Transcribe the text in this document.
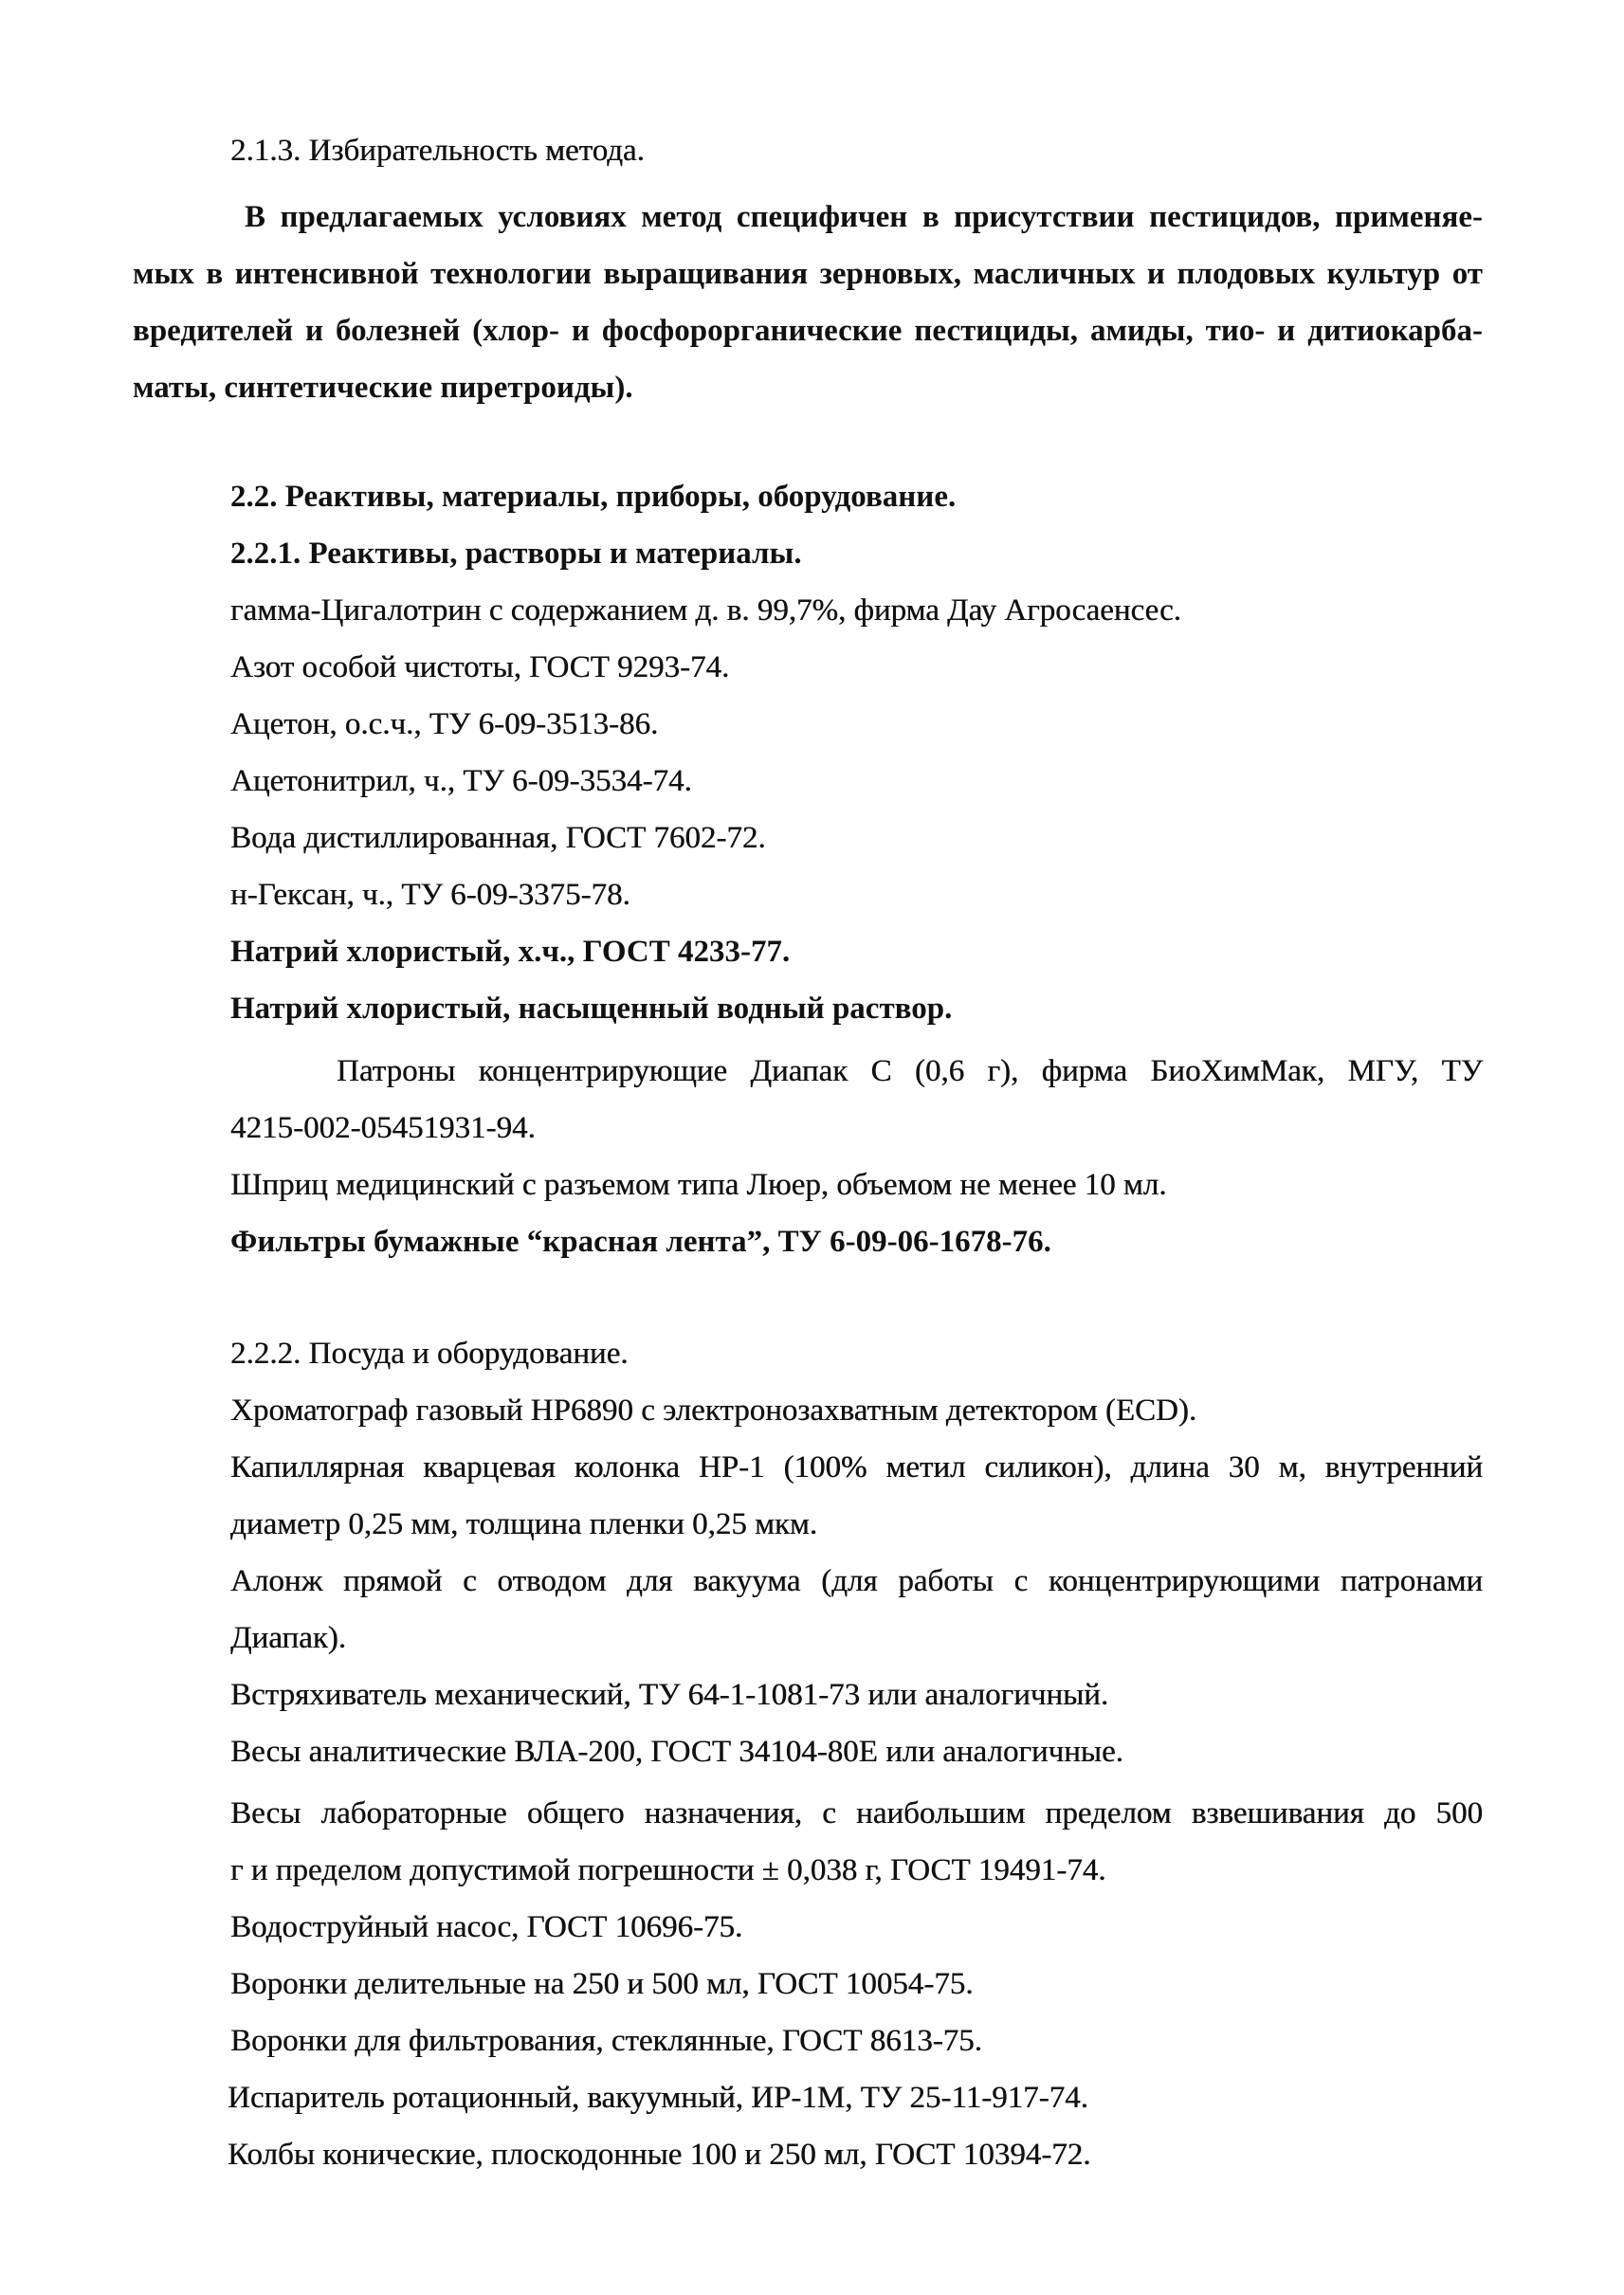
2.1.3. Избирательность метода.

В предлагаемых условиях метод специфичен в присутствии пестицидов, применяе-

мых в интенсивной технологии выращивания зерновых, масличных и плодовых культур от

вредителей и болезней (хлор- и фосфорорганические пестициды, амиды, тио- и дитиокарба-

маты, синтетические пиретроиды).

2.2. Реактивы, материалы, приборы, оборудование.

2.2.1. Реактивы, растворы и материалы.

гамма-Цигалотрин с содержанием д. в. 99,7%, фирма Дау Агросаенсес.

Азот особой чистоты, ГОСТ 9293-74.

Ацетон, о.с.ч., ТУ 6-09-3513-86.

Ацетонитрил, ч., ТУ 6-09-3534-74.

Вода дистиллированная, ГОСТ 7602-72.

н-Гексан, ч., ТУ 6-09-3375-78.

Натрий хлористый, х.ч., ГОСТ 4233-77.

Натрий хлористый, насыщенный водный раствор.

Патроны концентрирующие Диапак С (0,6 г), фирма БиоХимМак, МГУ, ТУ

4215-002-05451931-94.

Шприц медицинский с разъемом типа Люер, объемом не менее 10 мл.

Фильтры бумажные “красная лента”, ТУ 6-09-06-1678-76.

2.2.2. Посуда и оборудование.

Хроматограф газовый HP6890 с электронозахватным детектором (ECD).

Капиллярная кварцевая колонка HP-1 (100% метил силикон), длина 30 м, внутренний

диаметр 0,25 мм, толщина пленки 0,25 мкм.

Алонж прямой с отводом для вакуума (для работы с концентрирующими патронами

Диапак).

Встряхиватель механический, ТУ 64-1-1081-73 или аналогичный.

Весы аналитические ВЛА-200, ГОСТ 34104-80Е или аналогичные.

Весы лабораторные общего назначения, с наибольшим пределом взвешивания до 500

г и пределом допустимой погрешности ± 0,038 г, ГОСТ 19491-74.

Водоструйный насос, ГОСТ 10696-75.

Воронки делительные на 250 и 500 мл, ГОСТ 10054-75.

Воронки для фильтрования, стеклянные, ГОСТ 8613-75.

Испаритель ротационный, вакуумный, ИР-1М, ТУ 25-11-917-74.

Колбы конические, плоскодонные 100 и 250 мл, ГОСТ 10394-72.
